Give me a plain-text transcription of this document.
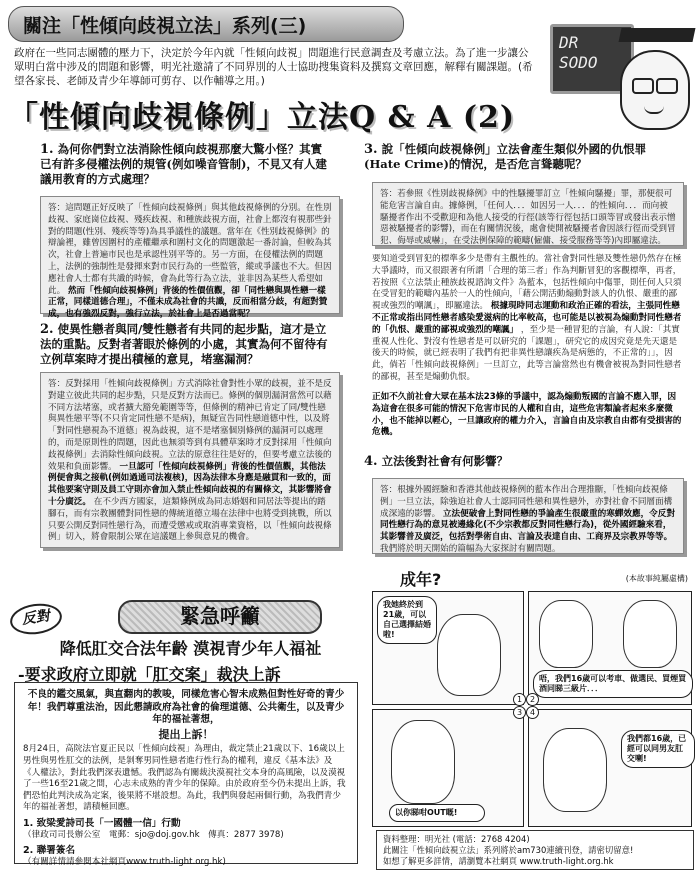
關注「性傾向歧視立法」系列(三)
政府在一些同志團體的壓力下，決定於今年內就「性傾向歧視」問題進行民意調查及考慮立法。為了進一步讓公眾明白當中涉及的問題和影響，明光社邀請了不同界別的人士協助搜集資料及撰寫文章回應，解釋有關課題。(希望各家長、老師及青少年導師可剪存、以作輔導之用。)
DR
SODO
「性傾向歧視條例」立法Q & A (2)
1. 為何你們對立法消除性傾向歧視那麼大驚小怪？其實已有許多侵權法例的規管(例如噪音管制)，不見又有人建議用教育的方式處理？
答：這問題正好反映了「性傾向歧視條例」與其他歧視條例的分別。在性別歧視、家庭崗位歧視、殘疾歧視、和種族歧視方面，社會上都沒有視那些針對的問題(性別、殘疾等等)為具爭議性的議題。當年在《性別歧視條例》的辯論裡，雖曾因圍村的產權繼承和圍村文化的問題激起一番討論，但較為其次，社會上普遍市民也是承認性別平等的。另一方面，在侵權法例的問題上，法例的強制性是發揮來對市民行為的一些監管，縱或爭議也不大。但因應社會人士都有共識的時候，會為此等行為立法，並非因為某些人希望如此。 然而「性傾向歧視條例」背後的性價值觀，卻「同性戀與異性戀一樣正常，同樣道德合理」，不僅未成為社會的共識，反而相當分歧，有超對贊成，也有強烈反對，強行立法，於社會上是否過當呢？
2. 使異性戀者與同/雙性戀者有共同的起步點，這才是立法的重點。反對者著眼於條例的小處，其實為何不留待有立例草案時才提出積極的意見，堵塞漏洞？
答：反對採用「性傾向歧視條例」方式消除社會對性小眾的歧視，並不是反對建立彼此共同的起步點，只是反對方法而已。條例的個別漏洞當然可以藉不同方法堵塞，或者擴大豁免範圍等等，但條例的精神已肯定了同/雙性戀與異性戀平等(不只肯定同性戀不是病)，無疑宣告同性戀道德中性，以及將「對同性戀視為不道德」視為歧視，這不是堵塞個別條例的漏洞可以處理的，而是原則性的問題，因此也無須等到有具體草案時才反對採用「性傾向歧視條例」去消除性傾向歧視。立法的原意往往是好的，但要考慮立法後的效果和負面影響。 一旦認可「性傾向歧視條例」背後的性價值觀，其他法例便會與之接軌(例如過通司法複核)，因為法律本身應是融貫和一致的，面其他要案守則及員工守則亦會加入禁止性傾向歧視的有關條文，其影響將會十分廣泛。 在不少西方國家，這類條例成為同志婚姻和同居法等提出的踏腳石，而有宗教團體對同性戀的傳統道德立場在法律中也將受到挑戰，所以只要公開反對同性戀行為，而遭受懲戒或取消專業資格，以「性傾向歧視條例」切入，將會限制公眾在這議題上參與意見的機會。
3. 說「性傾向歧視條例」立法會產生類似外國的仇恨罪(Hate Crime)的情況，是否危言聳聽呢？
答：若參照《性別歧視條例》中的性騷擾罪訂立「性傾向騷擾」罪，那便很可能危害言論自由。據條例，「任何人．．．如因另一人．．．的性傾向．．．而向被騷擾者作出不受歡迎和為他人接受的行徑(該等行徑包括口頭等冒或發出表示憎惡被騷擾者的影響)，而在有關情況後，處會使開被騷擾者會因該行徑而受到冒犯、侮辱或威嚇」，在受法例保障的範疇(僱傭、接受服務等等)內即屬違法。
要知道受到冒犯的標準多少是帶有主觀性的。當社會對同性戀及雙性戀仍然存在極大爭議時，而又很跟著有所謂「合理的第三者」作為判斷冒犯的客觀標準，再者，若按照《立法禁止種族歧視諮詢文件》為藍本，包括性傾向中傷罪，則任何人只須在受冒犯的範疇內基於一人的性傾向，「藉公開活動煽動對該人的仇恨、嚴重的鄙視或強烈的嘲諷」，即屬違法。 根據現時同志運動和政治正確的看法，主張同性戀不正常或指出同性戀者感染愛滋病的比率較高，也可能是以被視為煽動對同性戀者的「仇恨、嚴重的鄙視或強烈的嘲諷」 ，至少是一種冒犯的言論，有人說：「其實重視人性化、對沒有性戀者是可以研究的「課題」，研究它的成因究竟是先天還是後天的時候，就已經表明了我們有把非異性戀讓疾為是病態的，不正常的」」，因此，倘若「性傾向歧視條例」一旦訂立，此等言論當然也有機會被視為對同性戀者的鄙視，甚至是煽動仇恨。
正如不久前社會大眾在基本法23條的爭議中，認為煽動叛國的言論不應入罪，因為這會在很多可能的情況下危害市民的人權和自由，這些危害類論者起來多麼微小，也不能掉以輕心，一旦讓政府的權力介入，言論自由及宗教自由都有受損害的危機。
4. 立法後對社會有何影響？
答：根據外國經驗和香港其他歧視條例的藍本作出合理推斷，「性傾向歧視條例」一旦立法，除強迫社會人士認同同性戀和異性戀外，亦對社會不同層面構成深遠的影響。 立法便破會上對同性戀的爭論產生很嚴重的寒蟬效應，令反對同性戀行為的意見被邊緣化(不少宗教都反對同性戀行為)，從外國經驗來看，其影響普及廣泛，包括對學術自由、言論及表達自由、工商界及宗教界等等。 我們將於明天開始的篇幅為大家探討有關問題。
反對	緊急呼籲
降低肛交合法年齡 漠視青少年人福祉
-要求政府立即就「肛交案」裁決上訴
不良的鑑交風氣，與直翻肉的教唆，同樣危害心智未成熟但對性好奇的青少年！我們尊重法治，因此懇請政府為社會的倫理道德、公共衛生，以及青少年的福祉著想，
提出上訴！
8月24日，高院法官夏正民以「性傾向歧視」為理由，裁定禁止21歲以下、16歲以上男性與男性肛交的法例，是剝奪男同性戀者進行性行為的權利，違反《基本法》及《人權法》，對此我們深表遺憾。我們認為有關裁決漠視社交本身的高風險，以及漠視了一些16至21歲之間，心志未成熟的青少年的保障。由於政府至今仍未提出上訴，我們恐怕此判決成為定案，後果將不堪設想。為此，我們與發起兩個行動，為我們青少年的福祉著想，請積極回應。
1. 致梁愛詩司長「一國體一信」行動
（律政司司長辦公室　電郵：sjo@doj.gov.hk　傳真：2877 3978)
2. 聯署簽名
（有關詳情請參閱本社網頁www.truth-light.org.hk)
成年?	(本故事純屬虛構)
我她終於到21歲，可以自己選擇結婚啦!
唔，我們16歲可以考車、做選民、買煙買酒同睇三級片．．．
以你睇咁OUT嘅!
我們都16歲，已經可以同男友肛交喇!
1 2
3 4
資料整理：明光社 (電話：2768 4204)
此關注「性傾向歧視立法」系列將於am730連續刊登，請密切留意!
如想了解更多詳情，請瀏覽本社網頁 www.truth-light.org.hk
